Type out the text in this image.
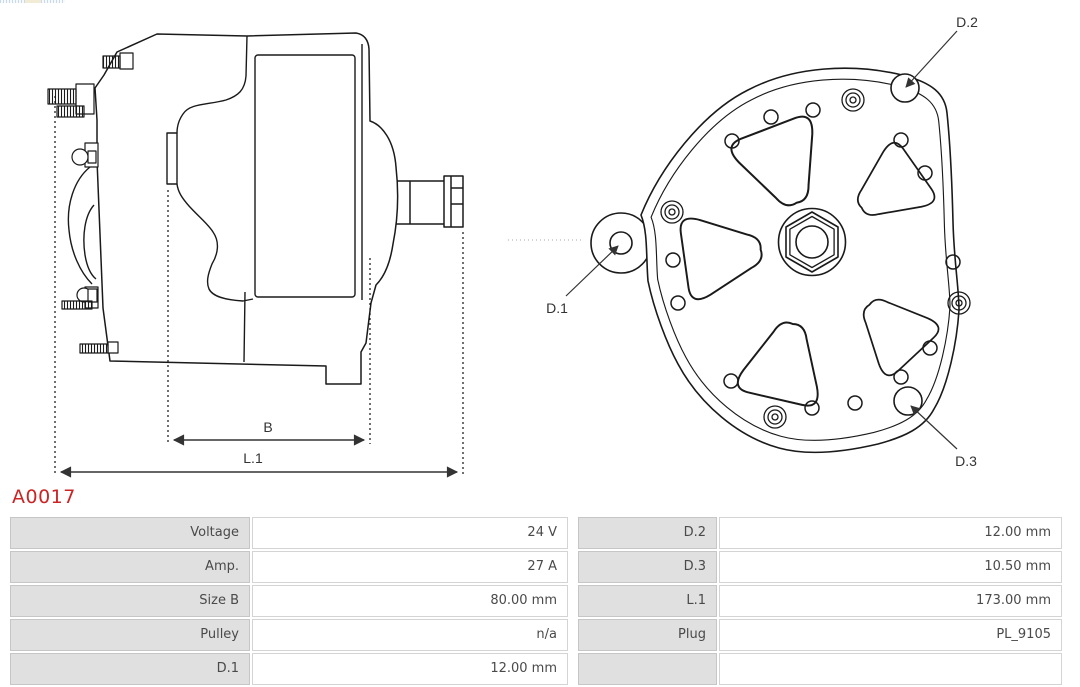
B
L.1
D.2
D.1
D.3
A0017
Voltage	24 V	D.2	12.00 mm
Amp.	27 A	D.3	10.50 mm
Size B	80.00 mm	L.1	173.00 mm
Pulley	n/a	Plug	PL_9105
D.1	12.00 mm
